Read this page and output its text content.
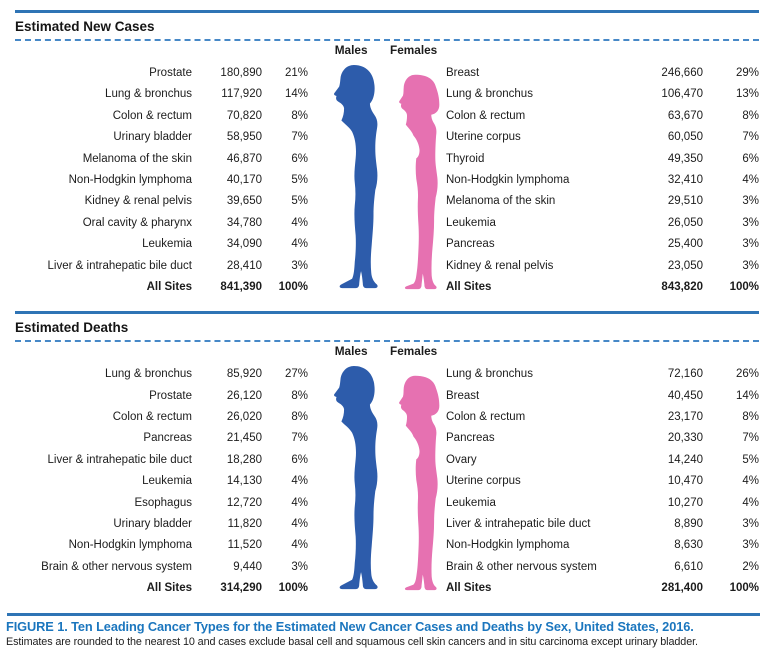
Estimated New Cases
Prostate	180,890	21%
Lung & bronchus	117,920	14%
Colon & rectum	70,820	8%
Urinary bladder	58,950	7%
Melanoma of the skin	46,870	6%
Non-Hodgkin lymphoma	40,170	5%
Kidney & renal pelvis	39,650	5%
Oral cavity & pharynx	34,780	4%
Leukemia	34,090	4%
Liver & intrahepatic bile duct	28,410	3%
All Sites	841,390	100%
Males	Females
Breast	246,660	29%
Lung & bronchus	106,470	13%
Colon & rectum	63,670	8%
Uterine corpus	60,050	7%
Thyroid	49,350	6%
Non-Hodgkin lymphoma	32,410	4%
Melanoma of the skin	29,510	3%
Leukemia	26,050	3%
Pancreas	25,400	3%
Kidney & renal pelvis	23,050	3%
All Sites	843,820	100%
Estimated Deaths
Lung & bronchus	85,920	27%
Prostate	26,120	8%
Colon & rectum	26,020	8%
Pancreas	21,450	7%
Liver & intrahepatic bile duct	18,280	6%
Leukemia	14,130	4%
Esophagus	12,720	4%
Urinary bladder	11,820	4%
Non-Hodgkin lymphoma	11,520	4%
Brain & other nervous system	9,440	3%
All Sites	314,290	100%
Males	Females
Lung & bronchus	72,160	26%
Breast	40,450	14%
Colon & rectum	23,170	8%
Pancreas	20,330	7%
Ovary	14,240	5%
Uterine corpus	10,470	4%
Leukemia	10,270	4%
Liver & intrahepatic bile duct	8,890	3%
Non-Hodgkin lymphoma	8,630	3%
Brain & other nervous system	6,610	2%
All Sites	281,400	100%
FIGURE 1. Ten Leading Cancer Types for the Estimated New Cancer Cases and Deaths by Sex, United States, 2016.
Estimates are rounded to the nearest 10 and cases exclude basal cell and squamous cell skin cancers and in situ carcinoma except urinary bladder.
